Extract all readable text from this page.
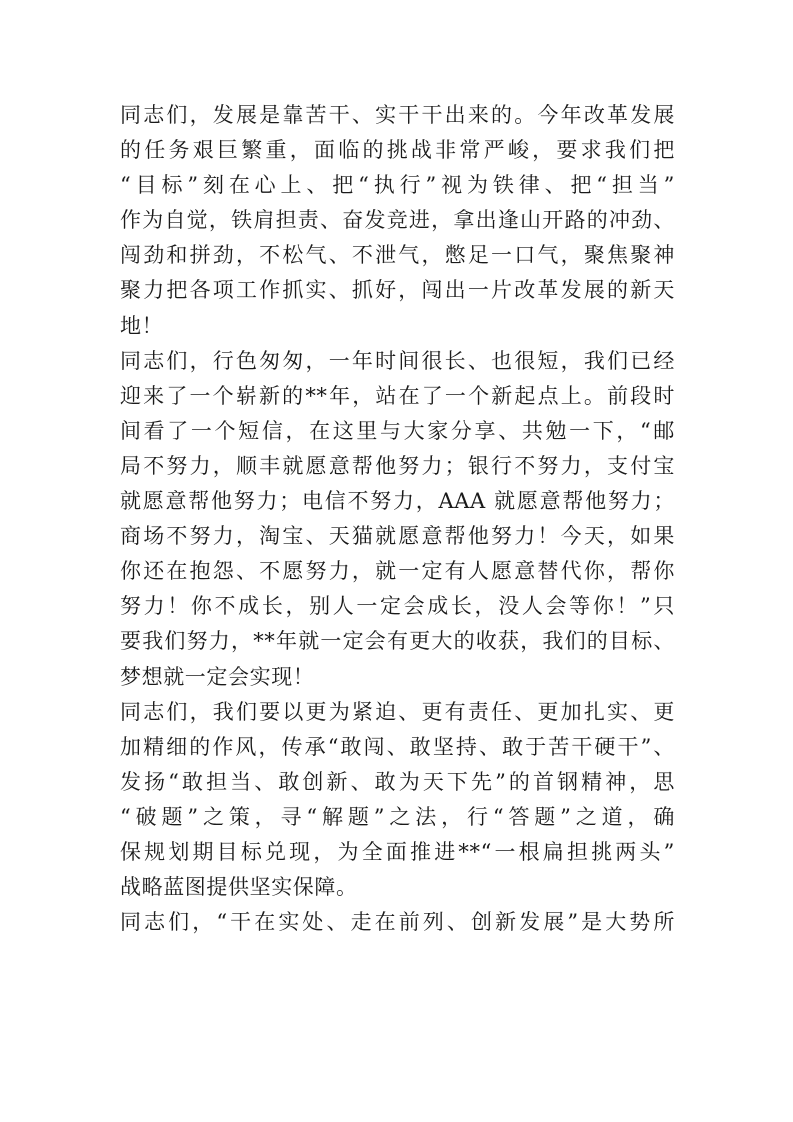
同志们，发展是靠苦干、实干干出来的。今年改革发展
的任务艰巨繁重，面临的挑战非常严峻，要求我们把
“目标”刻在心上、把“执行”视为铁律、把“担当”
作为自觉，铁肩担责、奋发竞进，拿出逢山开路的冲劲、
闯劲和拼劲，不松气、不泄气，憋足一口气，聚焦聚神
聚力把各项工作抓实、抓好，闯出一片改革发展的新天
地！

同志们，行色匆匆，一年时间很长、也很短，我们已经
迎来了一个崭新的**年，站在了一个新起点上。前段时
间看了一个短信，在这里与大家分享、共勉一下，“邮
局不努力，顺丰就愿意帮他努力；银行不努力，支付宝
就愿意帮他努力；电信不努力，AAA 就愿意帮他努力；
商场不努力，淘宝、天猫就愿意帮他努力！今天，如果
你还在抱怨、不愿努力，就一定有人愿意替代你，帮你
努力！你不成长，别人一定会成长，没人会等你！”只
要我们努力，**年就一定会有更大的收获，我们的目标、
梦想就一定会实现！

同志们，我们要以更为紧迫、更有责任、更加扎实、更
加精细的作风，传承“敢闯、敢坚持、敢于苦干硬干”、
发扬“敢担当、敢创新、敢为天下先”的首钢精神，思
“破题”之策，寻“解题”之法，行“答题”之道，确
保规划期目标兑现，为全面推进**“一根扁担挑两头”
战略蓝图提供坚实保障。

同志们，“干在实处、走在前列、创新发展”是大势所
